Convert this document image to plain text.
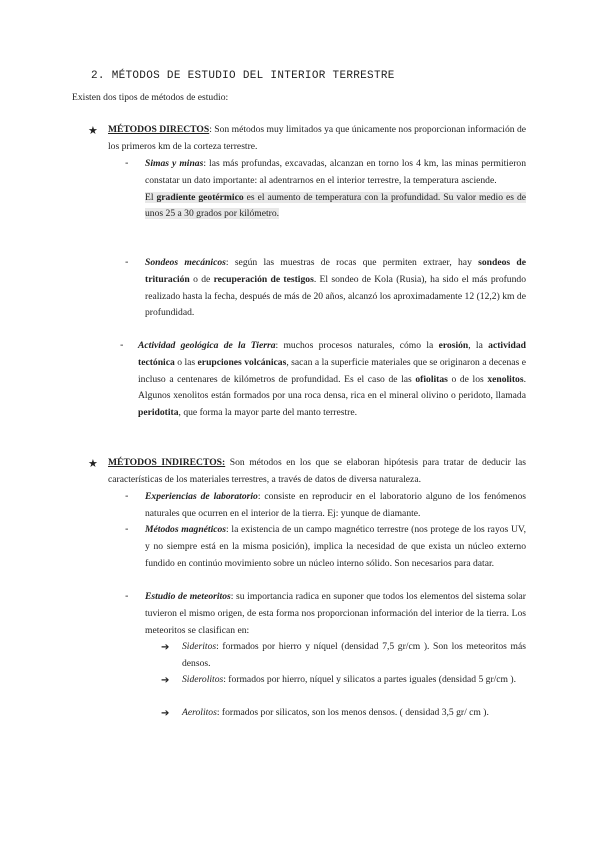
2. MÉTODOS DE ESTUDIO DEL INTERIOR TERRESTRE
Existen dos tipos de métodos de estudio:
★ MÉTODOS DIRECTOS: Son métodos muy limitados ya que únicamente nos proporcionan información de los primeros km de la corteza terrestre.
- Simas y minas: las más profundas, excavadas, alcanzan en torno los 4 km, las minas permitieron constatar un dato importante: al adentrarnos en el interior terrestre, la temperatura asciende.
El gradiente geotérmico es el aumento de temperatura con la profundidad. Su valor medio es de unos 25 a 30 grados por kilómetro.
- Sondeos mecánicos: según las muestras de rocas que permiten extraer, hay sondeos de trituración o de recuperación de testigos. El sondeo de Kola (Rusia), ha sido el más profundo realizado hasta la fecha, después de más de 20 años, alcanzó los aproximadamente 12 (12,2) km de profundidad.
- Actividad geológica de la Tierra: muchos procesos naturales, cómo la erosión, la actividad tectónica o las erupciones volcánicas, sacan a la superficie materiales que se originaron a decenas e incluso a centenares de kilómetros de profundidad. Es el caso de las ofiolitas o de los xenolitos. Algunos xenolitos están formados por una roca densa, rica en el mineral olivino o peridoto, llamada peridotita, que forma la mayor parte del manto terrestre.
★ MÉTODOS INDIRECTOS: Son métodos en los que se elaboran hipótesis para tratar de deducir las características de los materiales terrestres, a través de datos de diversa naturaleza.
- Experiencias de laboratorio: consiste en reproducir en el laboratorio alguno de los fenómenos naturales que ocurren en el interior de la tierra. Ej: yunque de diamante.
- Métodos magnéticos: la existencia de un campo magnético terrestre (nos protege de los rayos UV, y no siempre está en la misma posición), implica la necesidad de que exista un núcleo externo fundido en continúo movimiento sobre un núcleo interno sólido. Son necesarios para datar.
- Estudio de meteoritos: su importancia radica en suponer que todos los elementos del sistema solar tuvieron el mismo origen, de esta forma nos proporcionan información del interior de la tierra. Los meteoritos se clasifican en:
➔ Sideritos: formados por hierro y níquel (densidad 7,5 gr/cm ). Son los meteoritos más densos.
➔ Siderolitos: formados por hierro, níquel y silicatos a partes iguales (densidad 5 gr/cm ).
➔ Aerolitos: formados por silicatos, son los menos densos. ( densidad 3,5 gr/ cm ).
